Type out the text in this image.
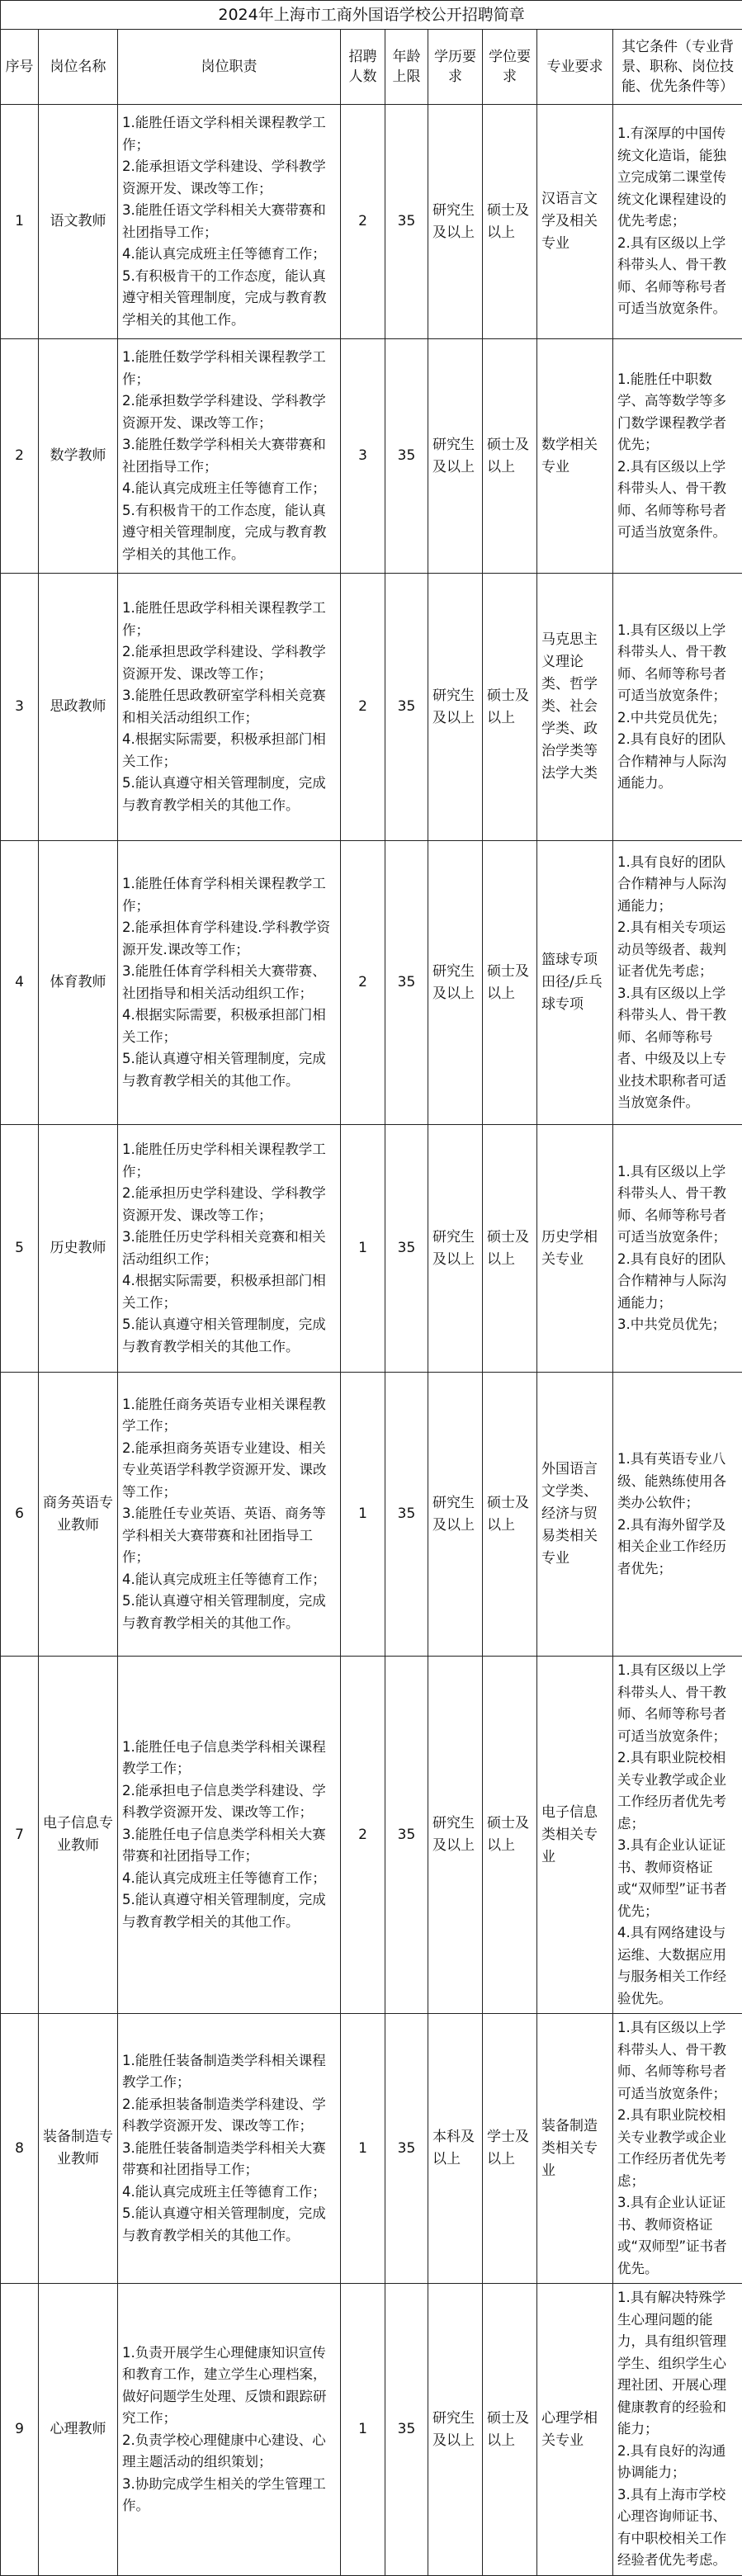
2024年上海市工商外国语学校公开招聘简章								
序号	岗位名称	岗位职责	招聘人数	年龄上限	学历要求	学位要求	专业要求	其它条件（专业背景、职称、岗位技能、优先条件等）
1	语文教师	1.能胜任语文学科相关课程教学工作；
2.能承担语文学科建设、学科教学资源开发、课改等工作；
3.能胜任语文学科相关大赛带赛和社团指导工作；
4.能认真完成班主任等德育工作；
5.有积极肯干的工作态度，能认真遵守相关管理制度，完成与教育教学相关的其他工作。	2	35	研究生及以上	硕士及以上	汉语言文学及相关专业	1.有深厚的中国传统文化造诣，能独立完成第二课堂传统文化课程建设的优先考虑；
2.具有区级以上学科带头人、骨干教师、名师等称号者可适当放宽条件。

2	数学教师	1.能胜任数学学科相关课程教学工作；
2.能承担数学学科建设、学科教学资源开发、课改等工作；
3.能胜任数学学科相关大赛带赛和社团指导工作；
4.能认真完成班主任等德育工作；
5.有积极肯干的工作态度，能认真遵守相关管理制度，完成与教育教学相关的其他工作。	3	35	研究生及以上	硕士及以上	数学相关专业	1.能胜任中职数学、高等数学等多门数学课程教学者优先；
2.具有区级以上学科带头人、骨干教师、名师等称号者可适当放宽条件。

3	思政教师	1.能胜任思政学科相关课程教学工作；
2.能承担思政学科建设、学科教学资源开发、课改等工作；
3.能胜任思政教研室学科相关竞赛和相关活动组织工作；
4.根据实际需要，积极承担部门相关工作；
5.能认真遵守相关管理制度，完成与教育教学相关的其他工作。	2	35	研究生及以上	硕士及以上	马克思主义理论类、哲学类、社会学类、政治学类等法学大类	1.具有区级以上学科带头人、骨干教师、名师等称号者可适当放宽条件；
2.中共党员优先；
2.具有良好的团队合作精神与人际沟通能力。

4	体育教师	1.能胜任体育学科相关课程教学工作；
2.能承担体育学科建设.学科教学资源开发.课改等工作；
3.能胜任体育学科相关大赛带赛、社团指导和相关活动组织工作；
4.根据实际需要，积极承担部门相关工作；
5.能认真遵守相关管理制度，完成与教育教学相关的其他工作。	2	35	研究生及以上	硕士及以上	篮球专项田径/乒乓球专项	1.具有良好的团队合作精神与人际沟通能力；
2.具有相关专项运动员等级者、裁判证者优先考虑；
3.具有区级以上学科带头人、骨干教师、名师等称号者、中级及以上专业技术职称者可适当放宽条件。

5	历史教师	1.能胜任历史学科相关课程教学工作；
2.能承担历史学科建设、学科教学资源开发、课改等工作；
3.能胜任历史学科相关竞赛和相关活动组织工作；
4.根据实际需要，积极承担部门相关工作；
5.能认真遵守相关管理制度，完成与教育教学相关的其他工作。	1	35	研究生及以上	硕士及以上	历史学相关专业	1.具有区级以上学科带头人、骨干教师、名师等称号者可适当放宽条件；
2.具有良好的团队合作精神与人际沟通能力；
3.中共党员优先；

6	商务英语专业教师	1.能胜任商务英语专业相关课程教学工作；
2.能承担商务英语专业建设、相关专业英语学科教学资源开发、课改等工作；
3.能胜任专业英语、英语、商务等学科相关大赛带赛和社团指导工作；
4.能认真完成班主任等德育工作；
5.能认真遵守相关管理制度，完成与教育教学相关的其他工作。	1	35	研究生及以上	硕士及以上	外国语言文学类、经济与贸易类相关专业	1.具有英语专业八级、能熟练使用各类办公软件；
2.具有海外留学及相关企业工作经历者优先；

7	电子信息专业教师	1.能胜任电子信息类学科相关课程教学工作；
2.能承担电子信息类学科建设、学科教学资源开发、课改等工作；
3.能胜任电子信息类学科相关大赛带赛和社团指导工作；
4.能认真完成班主任等德育工作；
5.能认真遵守相关管理制度，完成与教育教学相关的其他工作。	2	35	研究生及以上	硕士及以上	电子信息类相关专业	1.具有区级以上学科带头人、骨干教师、名师等称号者可适当放宽条件；
2.具有职业院校相关专业教学或企业工作经历者优先考虑；
3.具有企业认证证书、教师资格证或“双师型”证书者优先；
4.具有网络建设与运维、大数据应用与服务相关工作经验优先。

8	装备制造专业教师	1.能胜任装备制造类学科相关课程教学工作；
2.能承担装备制造类学科建设、学科教学资源开发、课改等工作；
3.能胜任装备制造类学科相关大赛带赛和社团指导工作；
4.能认真完成班主任等德育工作；
5.能认真遵守相关管理制度，完成与教育教学相关的其他工作。	1	35	本科及以上	学士及以上	装备制造类相关专业	1.具有区级以上学科带头人、骨干教师、名师等称号者可适当放宽条件；
2.具有职业院校相关专业教学或企业工作经历者优先考虑；
3.具有企业认证证书、教师资格证或“双师型”证书者优先。

9	心理教师	1.负责开展学生心理健康知识宣传和教育工作，建立学生心理档案，做好问题学生处理、反馈和跟踪研究工作；
2.负责学校心理健康中心建设、心理主题活动的组织策划；
3.协助完成学生相关的学生管理工作。	1	35	研究生及以上	硕士及以上	心理学相关专业	1.具有解决特殊学生心理问题的能力，具有组织管理学生、组织学生心理社团、开展心理健康教育的经验和能力；
2.具有良好的沟通协调能力；
3.具有上海市学校心理咨询师证书、有中职校相关工作经验者优先考虑。
